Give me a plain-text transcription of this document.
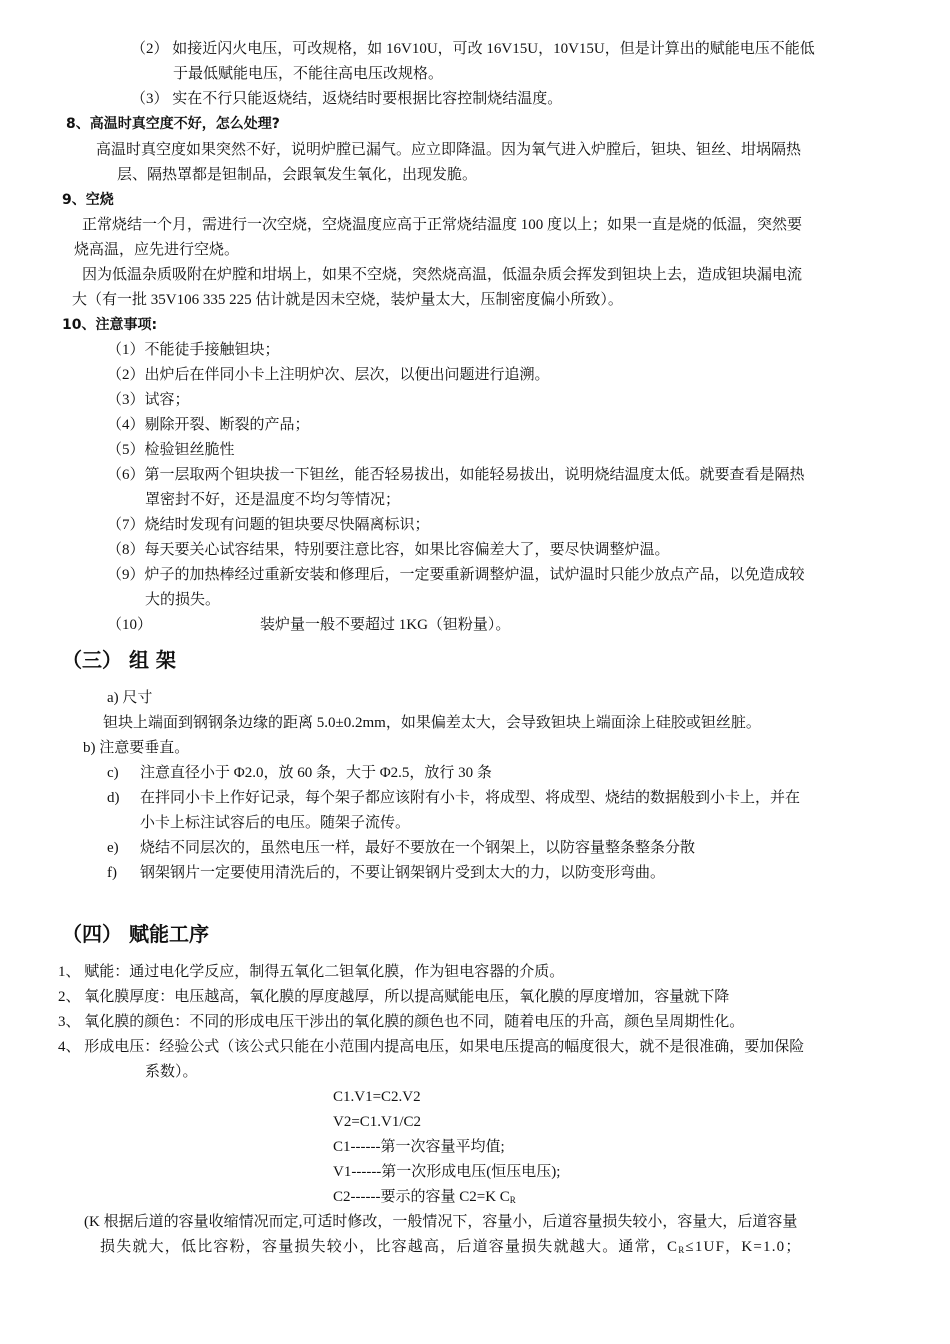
（2） 如接近闪火电压，可改规格，如 16V10U，可改 16V15U，10V15U，但是计算出的赋能电压不能低
于最低赋能电压，不能往高电压改规格。
（3） 实在不行只能返烧结，返烧结时要根据比容控制烧结温度。
8、高温时真空度不好，怎么处理?
高温时真空度如果突然不好，说明炉膛已漏气。应立即降温。因为氧气进入炉膛后，钽块、钽丝、坩埚隔热
层、隔热罩都是钽制品，会跟氧发生氧化，出现发脆。
9、空烧
正常烧结一个月，需进行一次空烧，空烧温度应高于正常烧结温度 100 度以上；如果一直是烧的低温，突然要
烧高温，应先进行空烧。
因为低温杂质吸附在炉膛和坩埚上，如果不空烧，突然烧高温，低温杂质会挥发到钽块上去，造成钽块漏电流
大（有一批 35V106 335 225 估计就是因未空烧，装炉量太大，压制密度偏小所致）。
10、注意事项:
（1）不能徒手接触钽块；
（2）出炉后在伴同小卡上注明炉次、层次，以便出问题进行追溯。
（3）试容；
（4）剔除开裂、断裂的产品；
（5）检验钽丝脆性
（6）第一层取两个钽块拔一下钽丝，能否轻易拔出，如能轻易拔出，说明烧结温度太低。就要查看是隔热
罩密封不好，还是温度不均匀等情况；
（7）烧结时发现有问题的钽块要尽快隔离标识；
（8）每天要关心试容结果，特别要注意比容，如果比容偏差大了，要尽快调整炉温。
（9）炉子的加热棒经过重新安装和修理后，一定要重新调整炉温，试炉温时只能少放点产品，以免造成较
大的损失。
（10）	装炉量一般不要超过 1KG（钽粉量）。
（三） 组 架
a) 尺寸
钽块上端面到钢钢条边缘的距离 5.0±0.2mm，如果偏差太大，会导致钽块上端面涂上硅胶或钽丝脏。
b) 注意要垂直。
c) 注意直径小于 Φ2.0，放 60 条，大于 Φ2.5，放行 30 条
d) 在拌同小卡上作好记录，每个架子都应该附有小卡，将成型、将成型、烧结的数据般到小卡上，并在
小卡上标注试容后的电压。随架子流传。
e) 烧结不同层次的，虽然电压一样，最好不要放在一个钢架上，以防容量整条整条分散
f) 钢架钢片一定要使用清洗后的，不要让钢架钢片受到太大的力，以防变形弯曲。
（四） 赋能工序
1、 赋能：通过电化学反应，制得五氧化二钽氧化膜，作为钽电容器的介质。
2、 氧化膜厚度：电压越高，氧化膜的厚度越厚，所以提高赋能电压，氧化膜的厚度增加，容量就下降
3、 氧化膜的颜色：不同的形成电压干涉出的氧化膜的颜色也不同，随着电压的升高，颜色呈周期性化。
4、 形成电压：经验公式（该公式只能在小范围内提高电压，如果电压提高的幅度很大，就不是很准确，要加保险
系数）。
C1.V1=C2.V2
V2=C1.V1/C2
C1------第一次容量平均值;
V1------第一次形成电压(恒压电压);
C2------要示的容量 C2=K $C_R$
(K 根据后道的容量收缩情况而定,可适时修改，一般情况下，容量小，后道容量损失较小，容量大，后道容量
损失就大，低比容粉，容量损失较小，比容越高，后道容量损失就越大。通常，$C_R\le 1UF$，K=1.0；
